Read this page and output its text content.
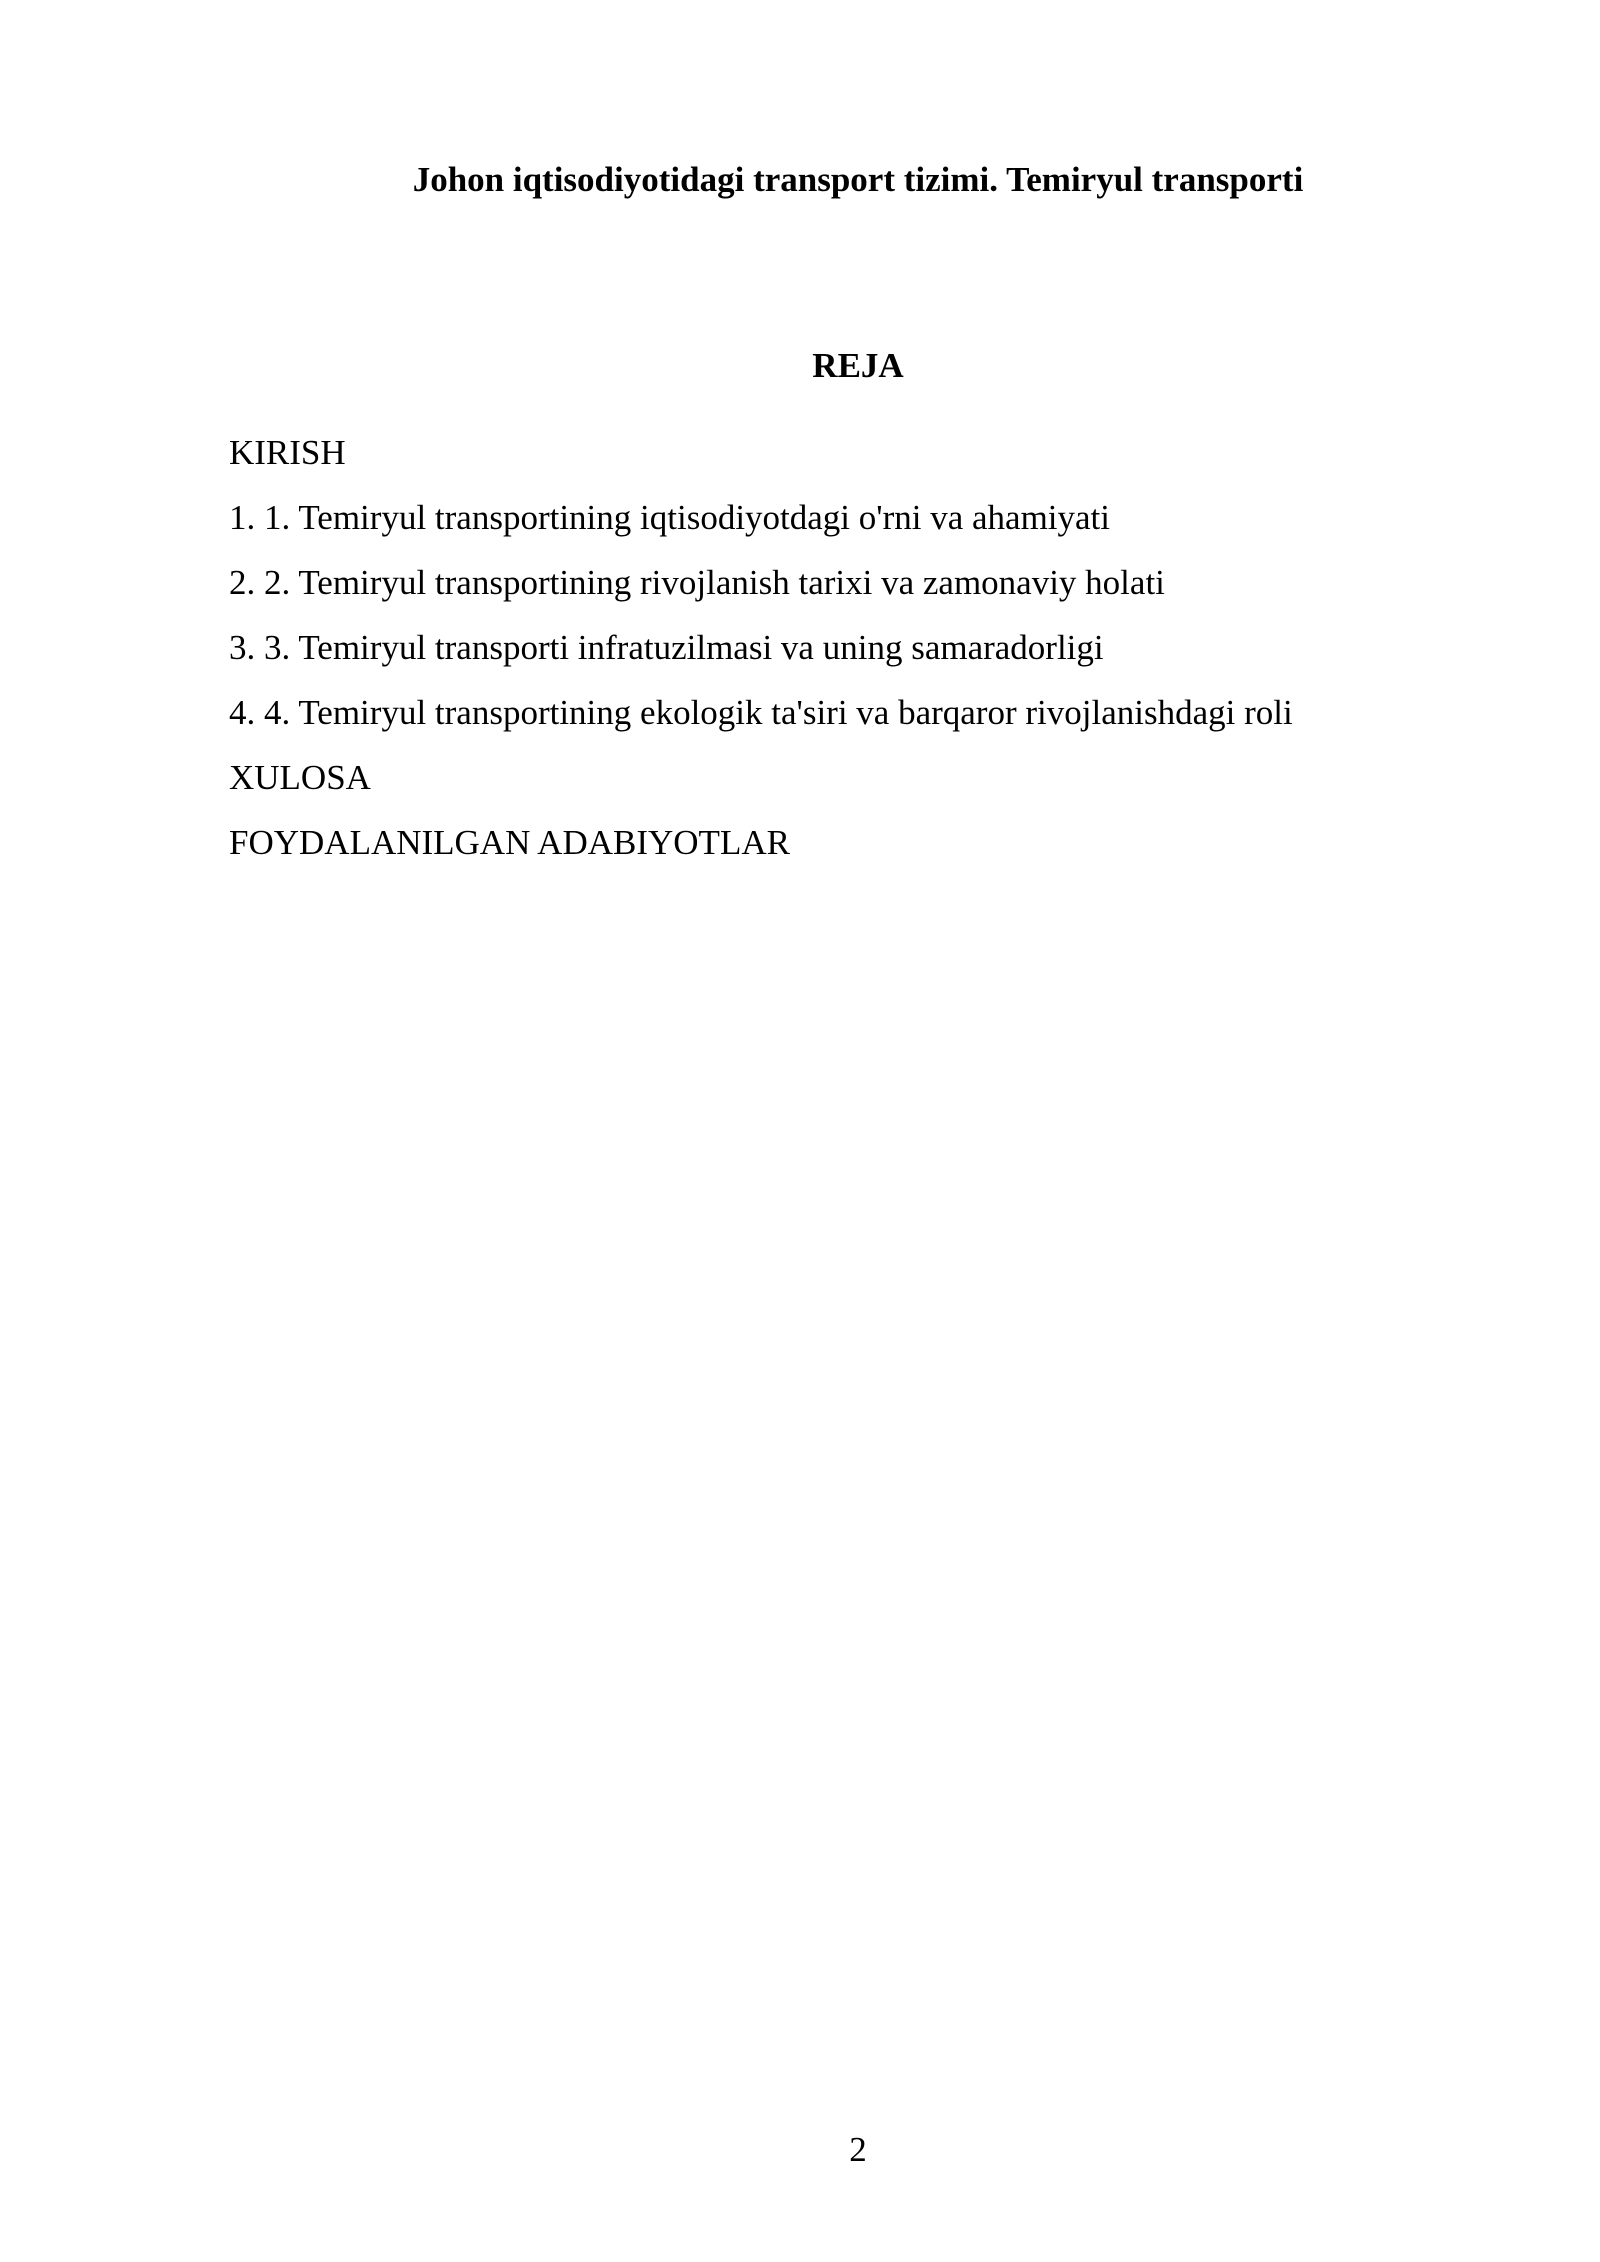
Johon iqtisodiyotidagi transport tizimi. Temiryul transporti
REJA
KIRISH
1. 1. Temiryul transportining iqtisodiyotdagi o'rni va ahamiyati
2. 2. Temiryul transportining rivojlanish tarixi va zamonaviy holati
3. 3. Temiryul transporti infratuzilmasi va uning samaradorligi
4. 4. Temiryul transportining ekologik ta'siri va barqaror rivojlanishdagi roli
XULOSA
FOYDALANILGAN ADABIYOTLAR
2
